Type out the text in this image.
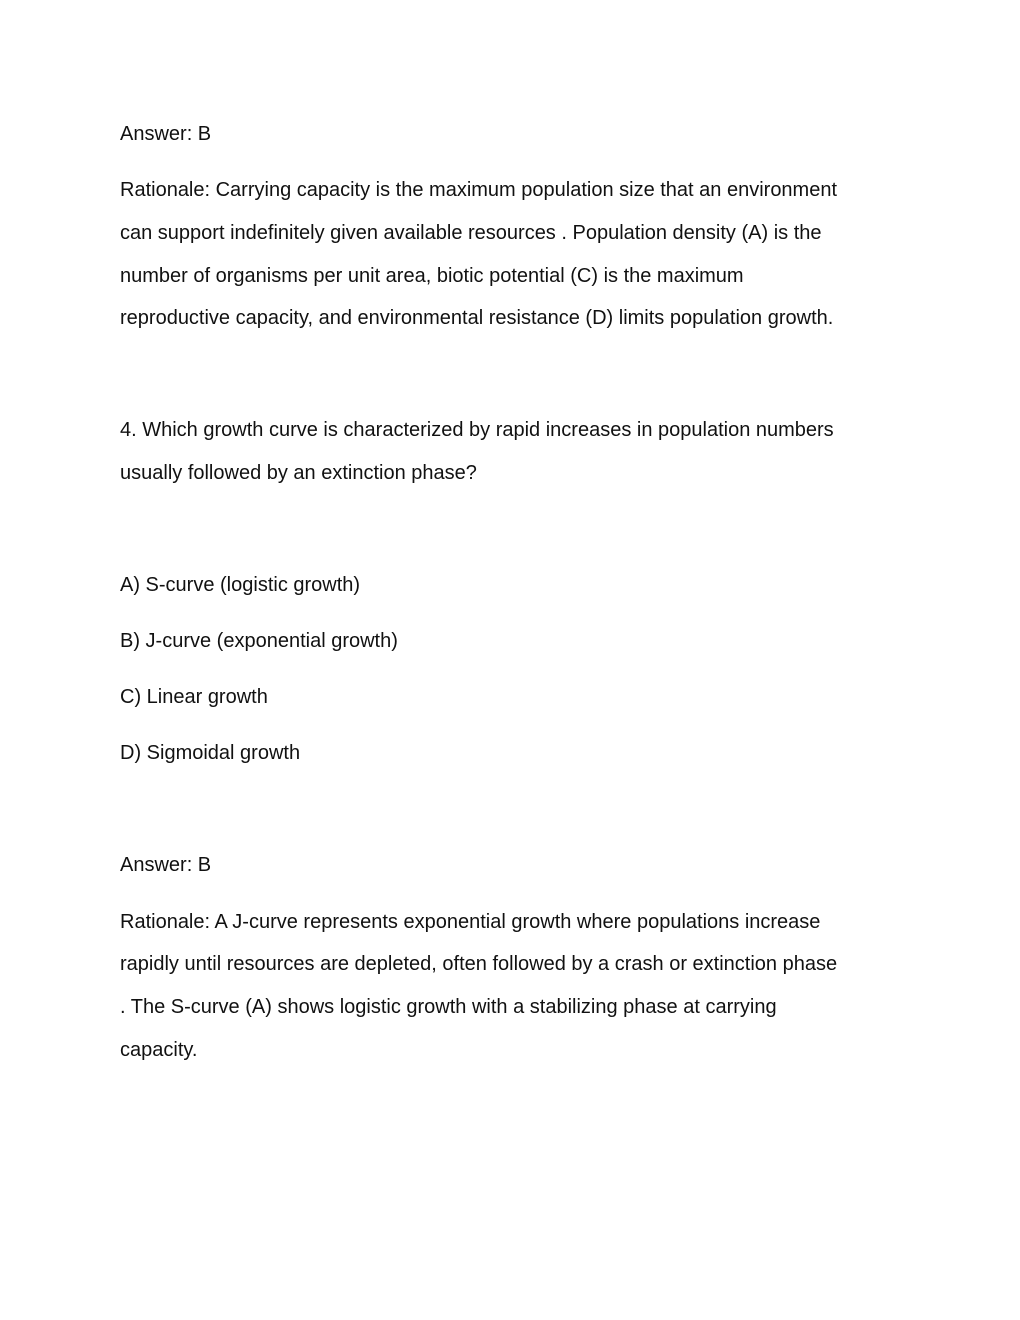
Answer: B

Rationale: Carrying capacity is the maximum population size that an environment

can support indefinitely given available resources . Population density (A) is the

number of organisms per unit area, biotic potential (C) is the maximum

reproductive capacity, and environmental resistance (D) limits population growth.

4. Which growth curve is characterized by rapid increases in population numbers

usually followed by an extinction phase?

A) S-curve (logistic growth)

B) J-curve (exponential growth)

C) Linear growth

D) Sigmoidal growth

Answer: B

Rationale: A J-curve represents exponential growth where populations increase

rapidly until resources are depleted, often followed by a crash or extinction phase

. The S-curve (A) shows logistic growth with a stabilizing phase at carrying

capacity.
